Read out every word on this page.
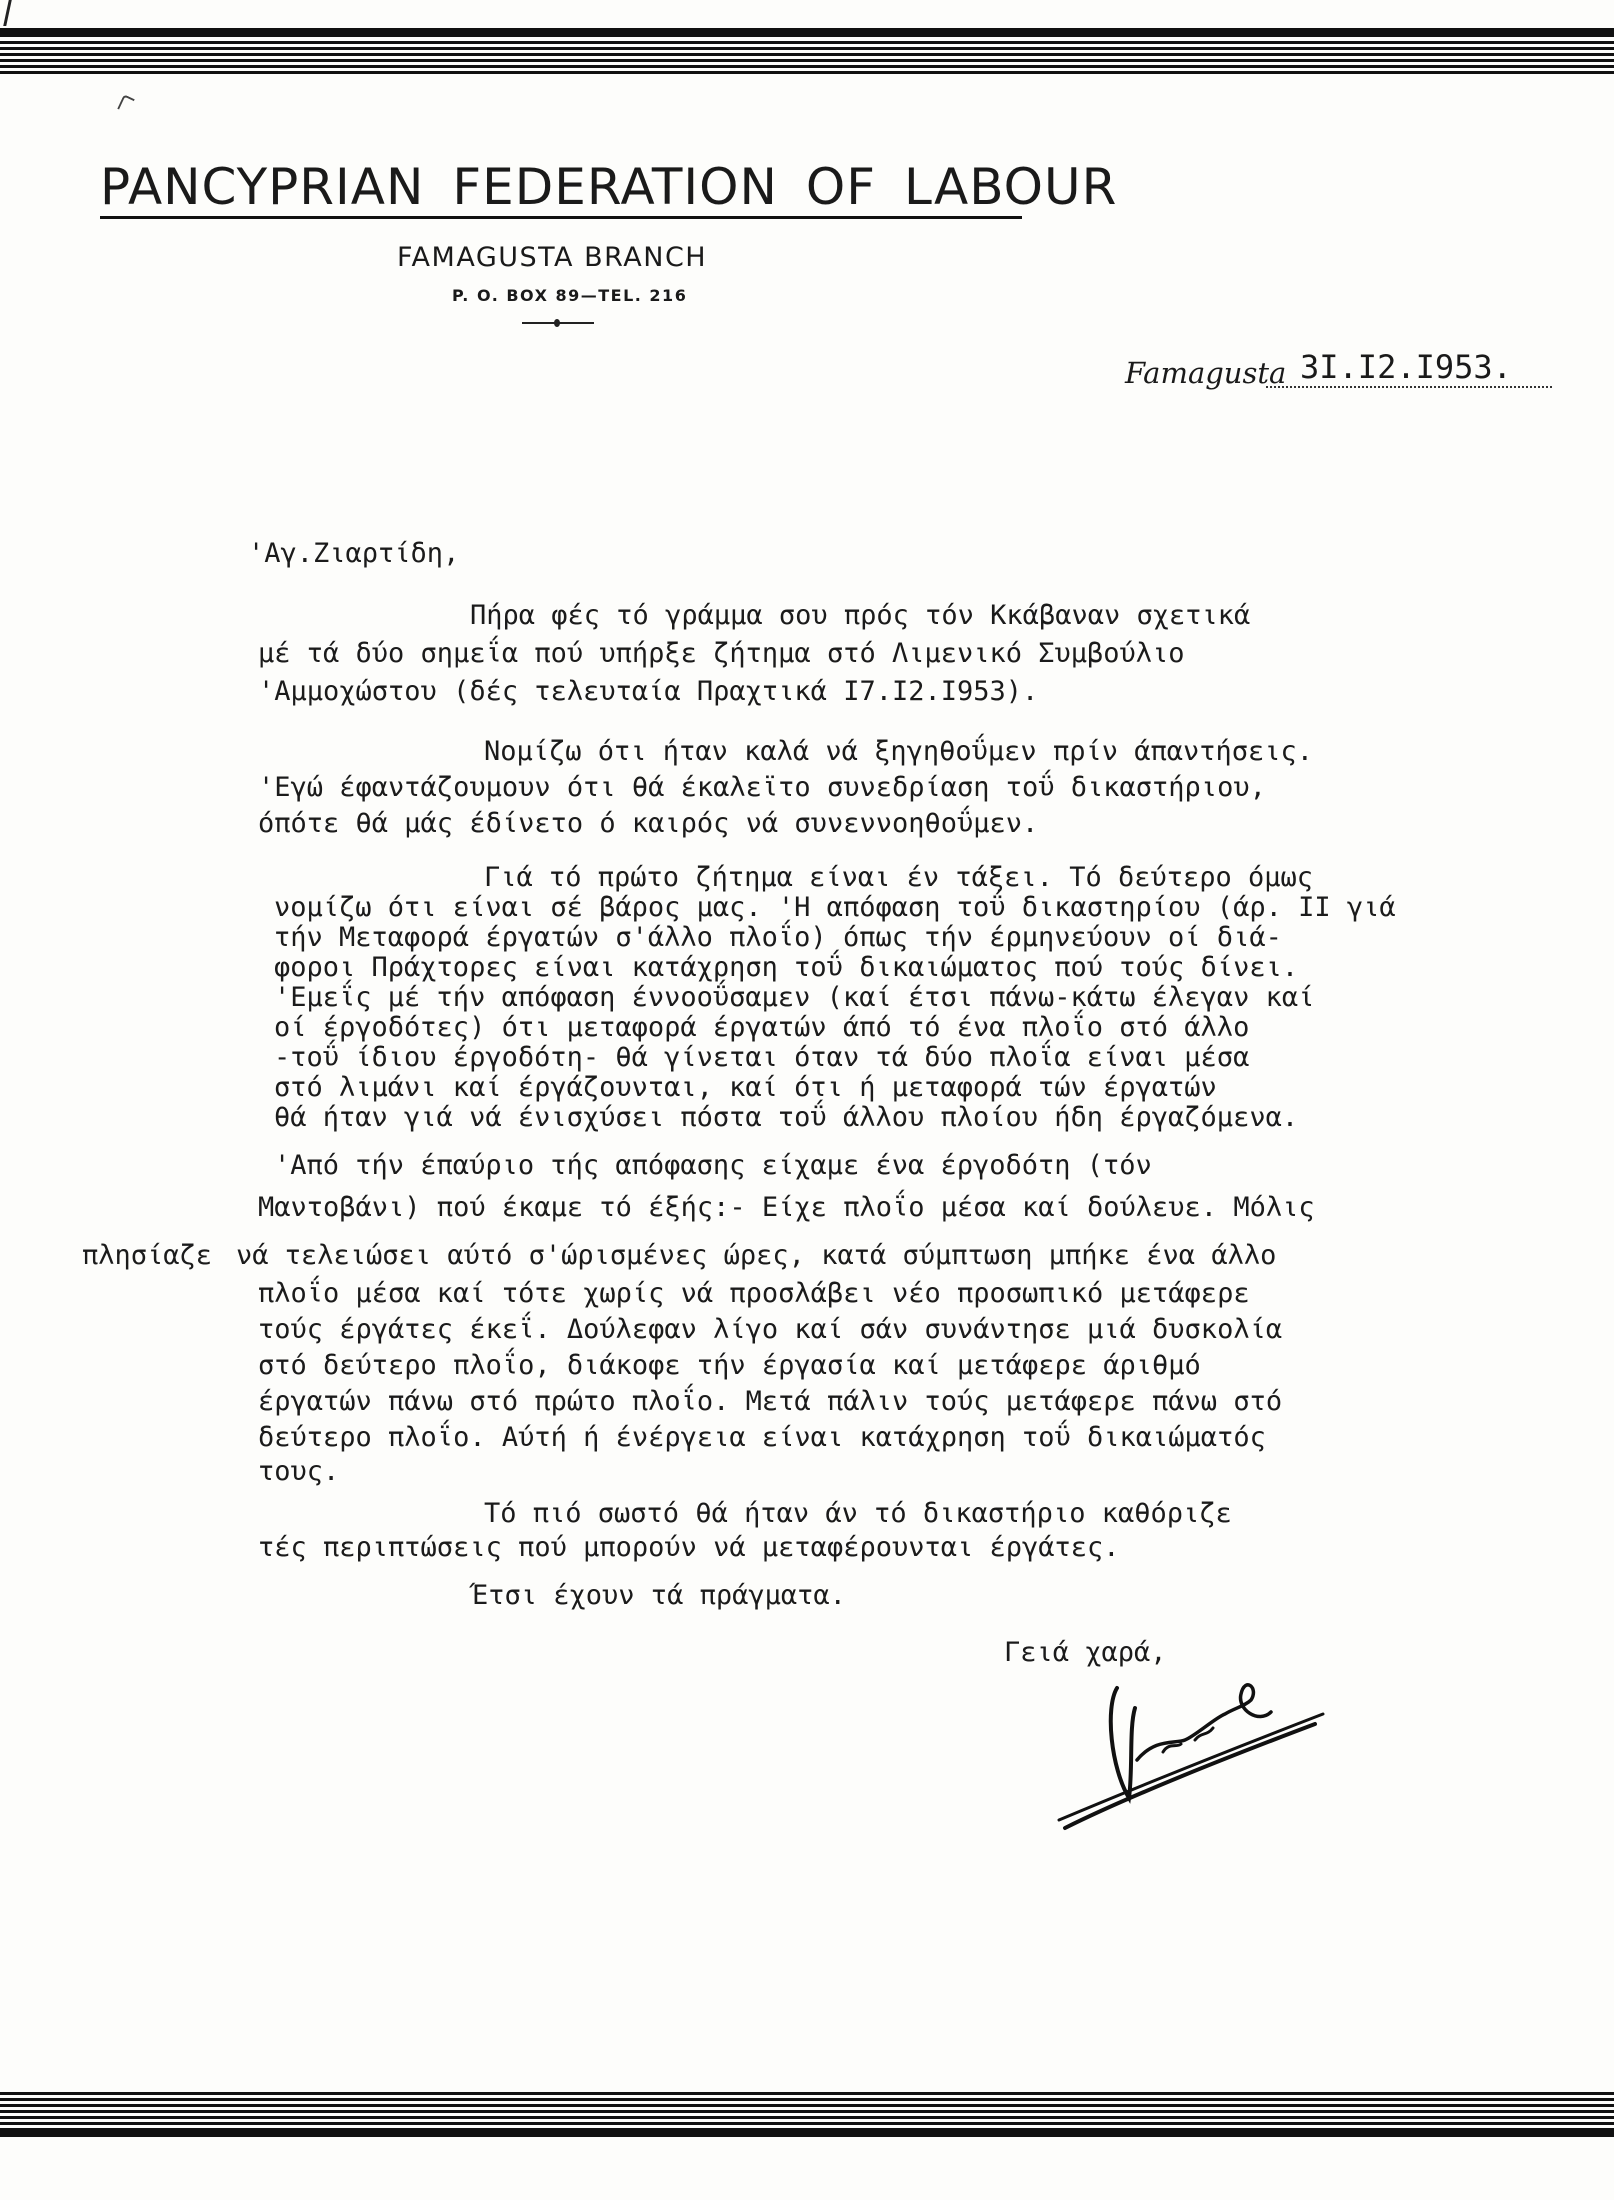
PANCYPRIAN FEDERATION OF LABOUR
FAMAGUSTA BRANCH
P. O. BOX 89—TEL. 216
Famagusta 3I.I2.I953.
'Αγ.Ζιαρτίδη,
Πήρα φές τό γράμμα σου πρός τόν Κκάβαναν σχετικά
μέ τά δύο σημεΐα πού υπήρξε ζήτημα στό Λιμενικό Συμβούλιο
'Αμμοχώστου (δές τελευταία Πραχτικά Ι7.Ι2.Ι953).
Νομίζω ότι ήταν καλά νά ξηγηθοΰμεν πρίν άπαντήσεις.
'Εγώ έφαντάζουμουν ότι θά έκαλεϊτο συνεδρίαση τοΰ δικαστήριου,
όπότε θά μάς έδίνετο ό καιρός νά συνεννοηθοΰμεν.
Γιά τό πρώτο ζήτημα είναι έν τάξει. Τό δεύτερο όμως
νομίζω ότι είναι σέ βάρος μας. 'Η απόφαση τοΰ δικαστηρίου (άρ. ΙΙ γιά
τήν Μεταφορά έργατών σ'άλλο πλοΐο) όπως τήν έρμηνεύουν οί διά-
φοροι Πράχτορες είναι κατάχρηση τοΰ δικαιώματος πού τούς δίνει.
'Εμεΐς μέ τήν απόφαση έννοοΰσαμεν (καί έτσι πάνω-κάτω έλεγαν καί
οί έργοδότες) ότι μεταφορά έργατών άπό τό ένα πλοΐο στό άλλο
-τοΰ ίδιου έργοδότη- θά γίνεται όταν τά δύο πλοΐα είναι μέσα
στό λιμάνι καί έργάζουνται, καί ότι ή μεταφορά τών έργατών
θά ήταν γιά νά ένισχύσει πόστα τοΰ άλλου πλοίου ήδη έργαζόμενα.
'Από τήν έπαύριο τής απόφασης είχαμε ένα έργοδότη (τόν
Μαντοβάνι) πού έκαμε τό έξής:- Είχε πλοΐο μέσα καί δούλευε. Μόλις
νά τελειώσει αύτό σ'ώρισμένες ώρες, κατά σύμπτωση μπήκε ένα άλλο
πλοΐο μέσα καί τότε χωρίς νά προσλάβει νέο προσωπικό μετάφερε
τούς έργάτες έκεΐ. Δούλεφαν λίγο καί σάν συνάντησε μιά δυσκολία
στό δεύτερο πλοΐο, διάκοφε τήν έργασία καί μετάφερε άριθμό
έργατών πάνω στό πρώτο πλοΐο. Μετά πάλιν τούς μετάφερε πάνω στό
δεύτερο πλοΐο. Αύτή ή ένέργεια είναι κατάχρηση τοΰ δικαιώματός
τους.
Τό πιό σωστό θά ήταν άν τό δικαστήριο καθόριζε
τές περιπτώσεις πού μπορούν νά μεταφέρουνται έργάτες.
Έτσι έχουν τά πράγματα.
πλησίαζε
Γειά χαρά,
